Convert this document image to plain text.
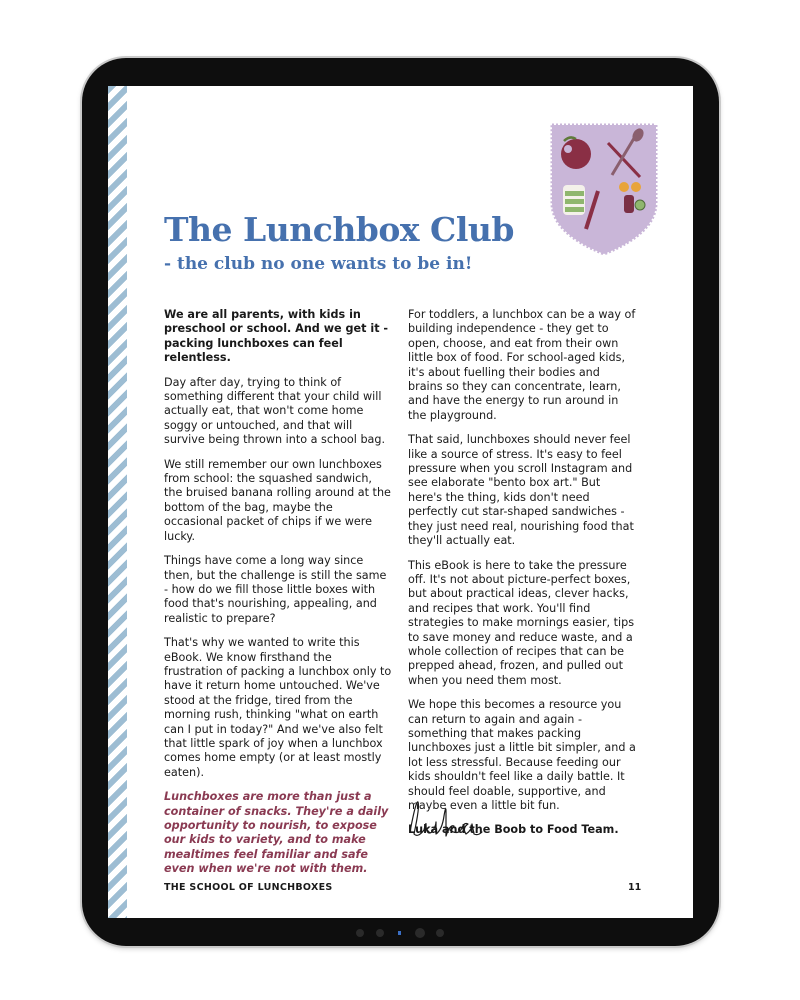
The Lunchbox Club
- the club no one wants to be in!

We are all parents, with kids in preschool or school. And we get it - packing lunchboxes can feel relentless.

Day after day, trying to think of something different that your child will actually eat, that won't come home soggy or untouched, and that will survive being thrown into a school bag.

We still remember our own lunchboxes from school: the squashed sandwich, the bruised banana rolling around at the bottom of the bag, maybe the occasional packet of chips if we were lucky.

Things have come a long way since then, but the challenge is still the same - how do we fill those little boxes with food that's nourishing, appealing, and realistic to prepare?

That's why we wanted to write this eBook. We know firsthand the frustration of packing a lunchbox only to have it return home untouched. We've stood at the fridge, tired from the morning rush, thinking "what on earth can I put in today?" And we've also felt that little spark of joy when a lunchbox comes home empty (or at least mostly eaten).

Lunchboxes are more than just a container of snacks. They're a daily opportunity to nourish, to expose our kids to variety, and to make mealtimes feel familiar and safe even when we're not with them.

For toddlers, a lunchbox can be a way of building independence - they get to open, choose, and eat from their own little box of food. For school-aged kids, it's about fuelling their bodies and brains so they can concentrate, learn, and have the energy to run around in the playground.

That said, lunchboxes should never feel like a source of stress. It's easy to feel pressure when you scroll Instagram and see elaborate "bento box art." But here's the thing, kids don't need perfectly cut star-shaped sandwiches - they just need real, nourishing food that they'll actually eat.

This eBook is here to take the pressure off. It's not about picture-perfect boxes, but about practical ideas, clever hacks, and recipes that work. You'll find strategies to make mornings easier, tips to save money and reduce waste, and a whole collection of recipes that can be prepped ahead, frozen, and pulled out when you need them most.

We hope this becomes a resource you can return to again and again - something that makes packing lunchboxes just a little bit simpler, and a lot less stressful. Because feeding our kids shouldn't feel like a daily battle. It should feel doable, supportive, and maybe even a little bit fun.

Luka and the Boob to Food Team.

THE SCHOOL OF LUNCHBOXES	11
